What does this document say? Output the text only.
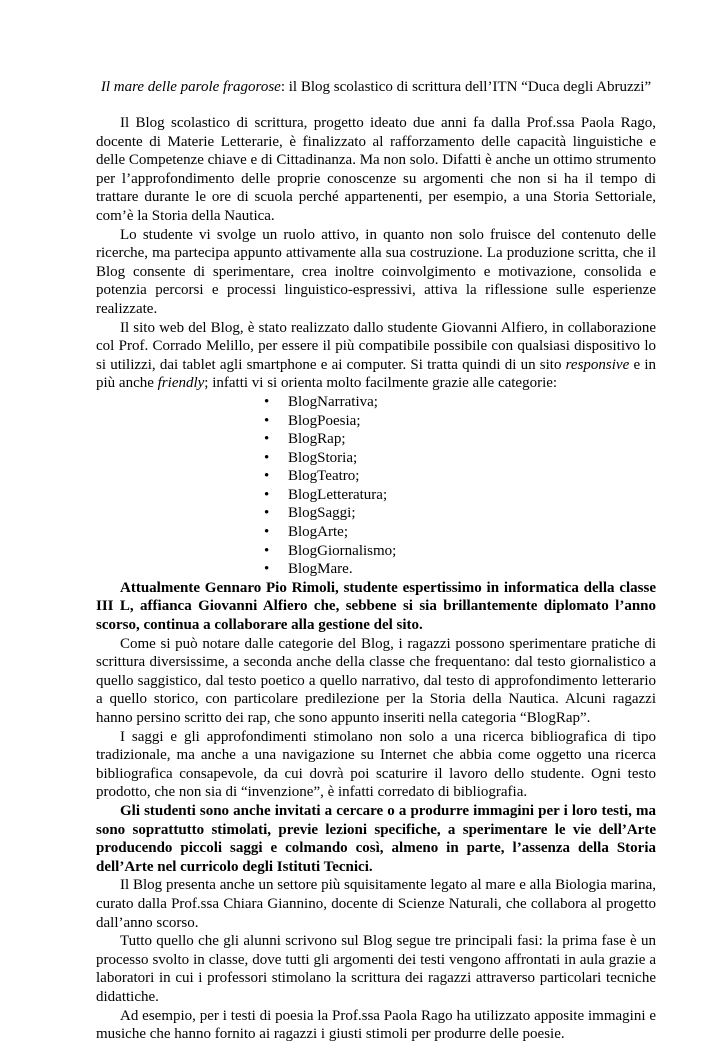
Il mare delle parole fragorose: il Blog scolastico di scrittura dell’ITN “Duca degli Abruzzi”

Il Blog scolastico di scrittura, progetto ideato due anni fa dalla Prof.ssa Paola Rago, docente di Materie Letterarie, è finalizzato al rafforzamento delle capacità linguistiche e delle Competenze chiave e di Cittadinanza. Ma non solo. Difatti è anche un ottimo strumento per l’approfondimento delle proprie conoscenze su argomenti che non si ha il tempo di trattare durante le ore di scuola perché appartenenti, per esempio, a una Storia Settoriale, com’è la Storia della Nautica.

Lo studente vi svolge un ruolo attivo, in quanto non solo fruisce del contenuto delle ricerche, ma partecipa appunto attivamente alla sua costruzione. La produzione scritta, che il Blog consente di sperimentare, crea inoltre coinvolgimento e motivazione, consolida e potenzia percorsi e processi linguistico-espressivi, attiva la riflessione sulle esperienze realizzate.

Il sito web del Blog, è stato realizzato dallo studente Giovanni Alfiero, in collaborazione col Prof. Corrado Melillo, per essere il più compatibile possibile con qualsiasi dispositivo lo si utilizzi, dai tablet agli smartphone e ai computer. Si tratta quindi di un sito responsive e in più anche friendly; infatti vi si orienta molto facilmente grazie alle categorie:

• BlogNarrativa;
• BlogPoesia;
• BlogRap;
• BlogStoria;
• BlogTeatro;
• BlogLetteratura;
• BlogSaggi;
• BlogArte;
• BlogGiornalismo;
• BlogMare.

Attualmente Gennaro Pio Rimoli, studente espertissimo in informatica della classe III L, affianca Giovanni Alfiero che, sebbene si sia brillantemente diplomato l’anno scorso, continua a collaborare alla gestione del sito.

Come si può notare dalle categorie del Blog, i ragazzi possono sperimentare pratiche di scrittura diversissime, a seconda anche della classe che frequentano: dal testo giornalistico a quello saggistico, dal testo poetico a quello narrativo, dal testo di approfondimento letterario a quello storico, con particolare predilezione per la Storia della Nautica. Alcuni ragazzi hanno persino scritto dei rap, che sono appunto inseriti nella categoria “BlogRap”.

I saggi e gli approfondimenti stimolano non solo a una ricerca bibliografica di tipo tradizionale, ma anche a una navigazione su Internet che abbia come oggetto una ricerca bibliografica consapevole, da cui dovrà poi scaturire il lavoro dello studente. Ogni testo prodotto, che non sia di “invenzione”, è infatti corredato di bibliografia.

Gli studenti sono anche invitati a cercare o a produrre immagini per i loro testi, ma sono soprattutto stimolati, previe lezioni specifiche, a sperimentare le vie dell’Arte producendo piccoli saggi e colmando così, almeno in parte, l’assenza della Storia dell’Arte nel curricolo degli Istituti Tecnici.

Il Blog presenta anche un settore più squisitamente legato al mare e alla Biologia marina, curato dalla Prof.ssa Chiara Giannino, docente di Scienze Naturali, che collabora al progetto dall’anno scorso.

Tutto quello che gli alunni scrivono sul Blog segue tre principali fasi: la prima fase è un processo svolto in classe, dove tutti gli argomenti dei testi vengono affrontati in aula grazie a laboratori in cui i professori stimolano la scrittura dei ragazzi attraverso particolari tecniche didattiche.

Ad esempio, per i testi di poesia la Prof.ssa Paola Rago ha utilizzato apposite immagini e musiche che hanno fornito ai ragazzi i giusti stimoli per produrre delle poesie.
